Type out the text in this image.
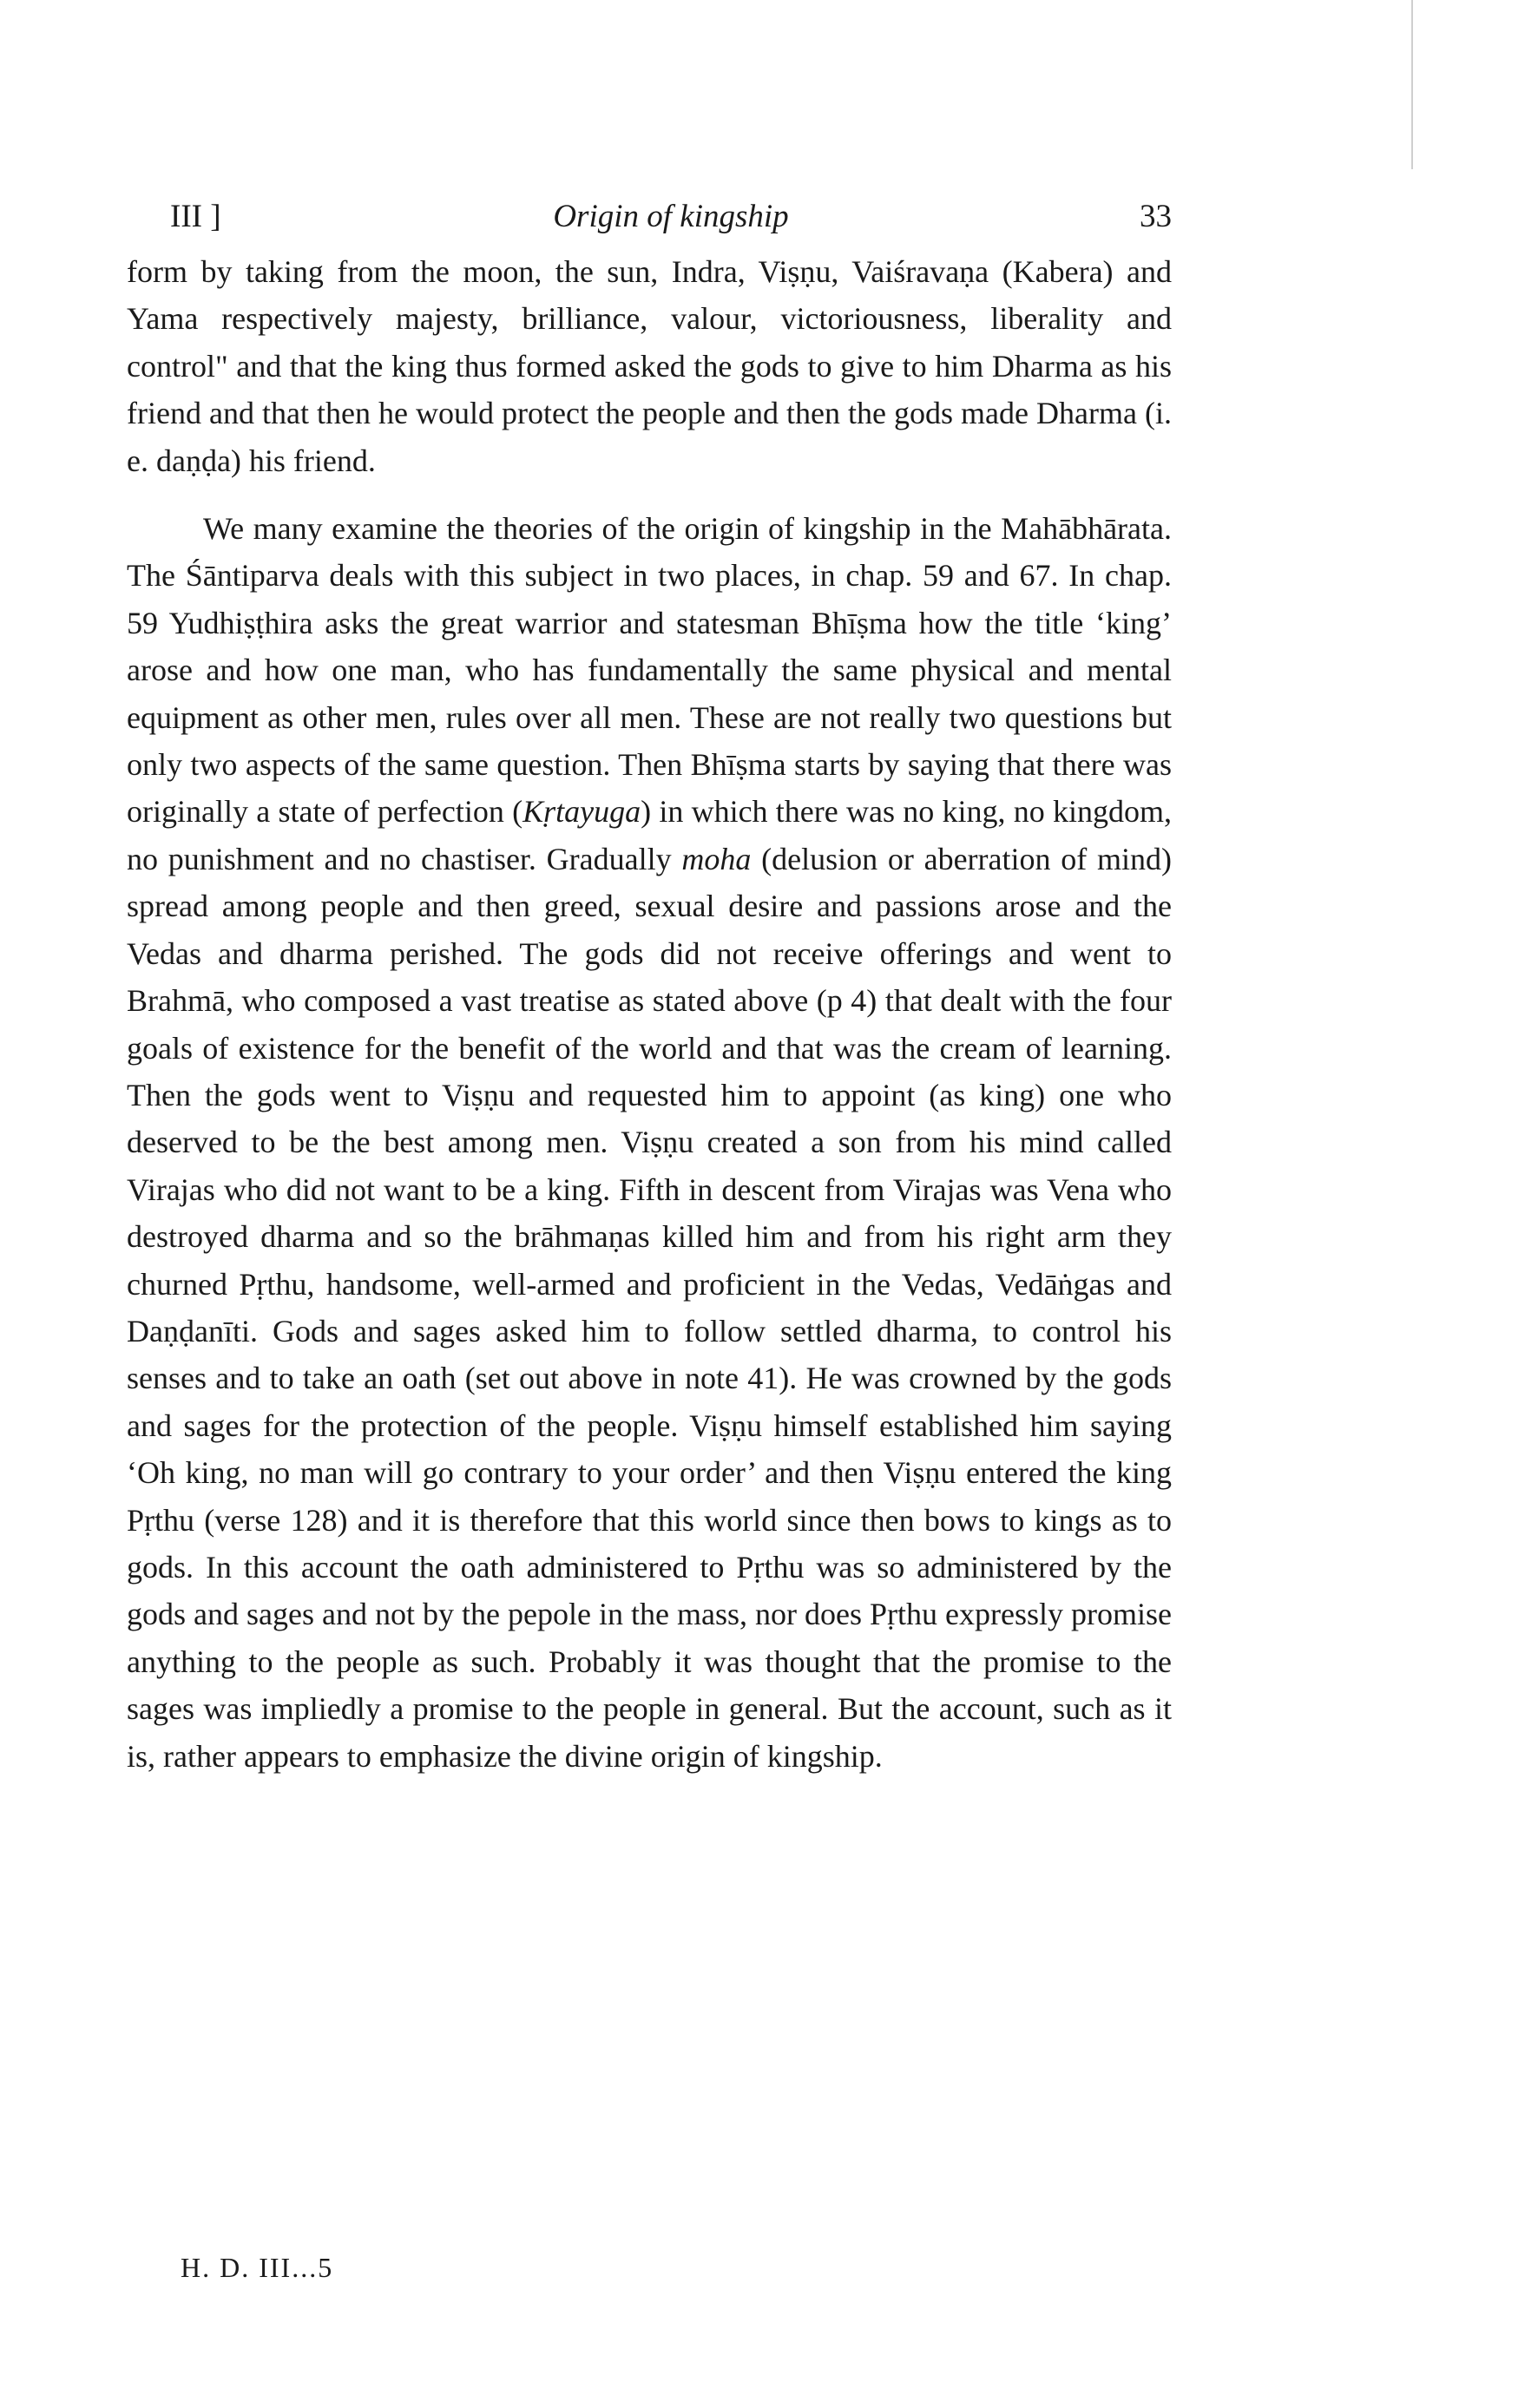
III ]	Origin of kingship	33

form by taking from the moon, the sun, Indra, Viṣṇu, Vaiśravaṇa (Kabera) and Yama respectively majesty, brilliance, valour, victoriousness, liberality and control" and that the king thus formed asked the gods to give to him Dharma as his friend and that then he would protect the people and then the gods made Dharma (i. e. daṇḍa) his friend.

We many examine the theories of the origin of kingship in the Mahābhārata. The Śāntiparva deals with this subject in two places, in chap. 59 and 67. In chap. 59 Yudhiṣṭhira asks the great warrior and statesman Bhīṣma how the title ‘king’ arose and how one man, who has fundamentally the same physical and mental equipment as other men, rules over all men. These are not really two questions but only two aspects of the same question. Then Bhīṣma starts by saying that there was originally a state of perfection (Kṛtayuga) in which there was no king, no kingdom, no punishment and no chastiser. Gradually moha (delusion or aberration of mind) spread among people and then greed, sexual desire and passions arose and the Vedas and dharma perished. The gods did not receive offerings and went to Brahmā, who composed a vast treatise as stated above (p 4) that dealt with the four goals of existence for the benefit of the world and that was the cream of learning. Then the gods went to Viṣṇu and requested him to appoint (as king) one who deserved to be the best among men. Viṣṇu created a son from his mind called Virajas who did not want to be a king. Fifth in descent from Virajas was Vena who destroyed dharma and so the brāhmaṇas killed him and from his right arm they churned Pṛthu, handsome, well-armed and proficient in the Vedas, Vedāṅgas and Daṇḍanīti. Gods and sages asked him to follow settled dharma, to control his senses and to take an oath (set out above in note 41). He was crowned by the gods and sages for the protection of the people. Viṣṇu himself established him saying ‘Oh king, no man will go contrary to your order’ and then Viṣṇu entered the king Pṛthu (verse 128) and it is therefore that this world since then bows to kings as to gods. In this account the oath administered to Pṛthu was so administered by the gods and sages and not by the pepole in the mass, nor does Pṛthu expressly promise anything to the people as such. Probably it was thought that the promise to the sages was impliedly a promise to the people in general. But the account, such as it is, rather appears to emphasize the divine origin of kingship.

H. D. III...5
